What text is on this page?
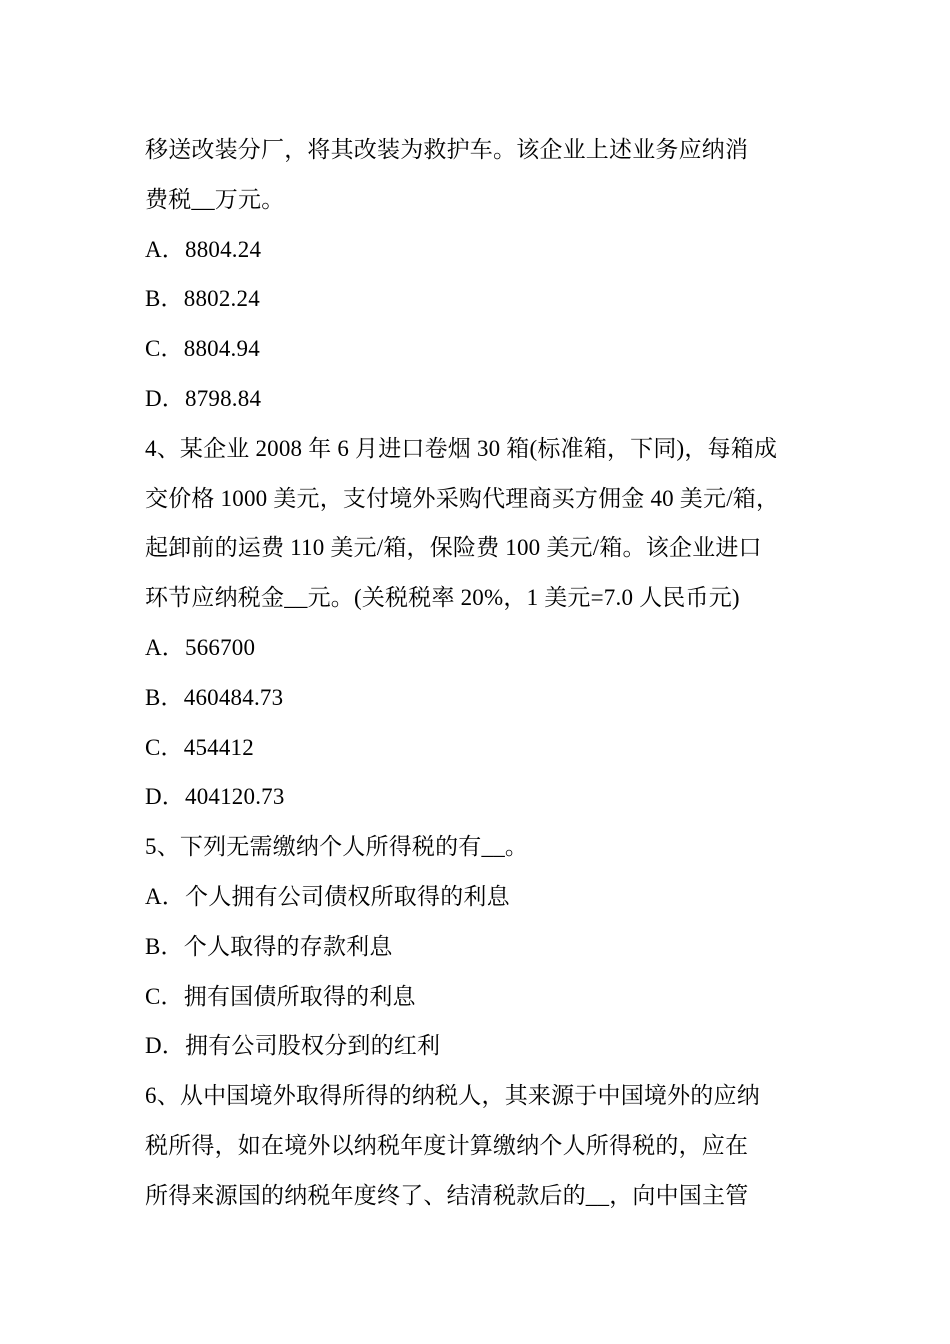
移送改装分厂，将其改装为救护车。该企业上述业务应纳消
费税__万元。
A．8804.24
B．8802.24
C．8804.94
D．8798.84
4、某企业 2008 年 6 月进口卷烟 30 箱(标准箱，下同)，每箱成
交价格 1000 美元，支付境外采购代理商买方佣金 40 美元/箱，
起卸前的运费 110 美元/箱，保险费 100 美元/箱。该企业进口
环节应纳税金__元。(关税税率 20%，1 美元=7.0 人民币元)
A．566700
B．460484.73
C．454412
D．404120.73
5、下列无需缴纳个人所得税的有__。
A．个人拥有公司债权所取得的利息
B．个人取得的存款利息
C．拥有国债所取得的利息
D．拥有公司股权分到的红利
6、从中国境外取得所得的纳税人，其来源于中国境外的应纳
税所得，如在境外以纳税年度计算缴纳个人所得税的，应在
所得来源国的纳税年度终了、结清税款后的__，向中国主管
